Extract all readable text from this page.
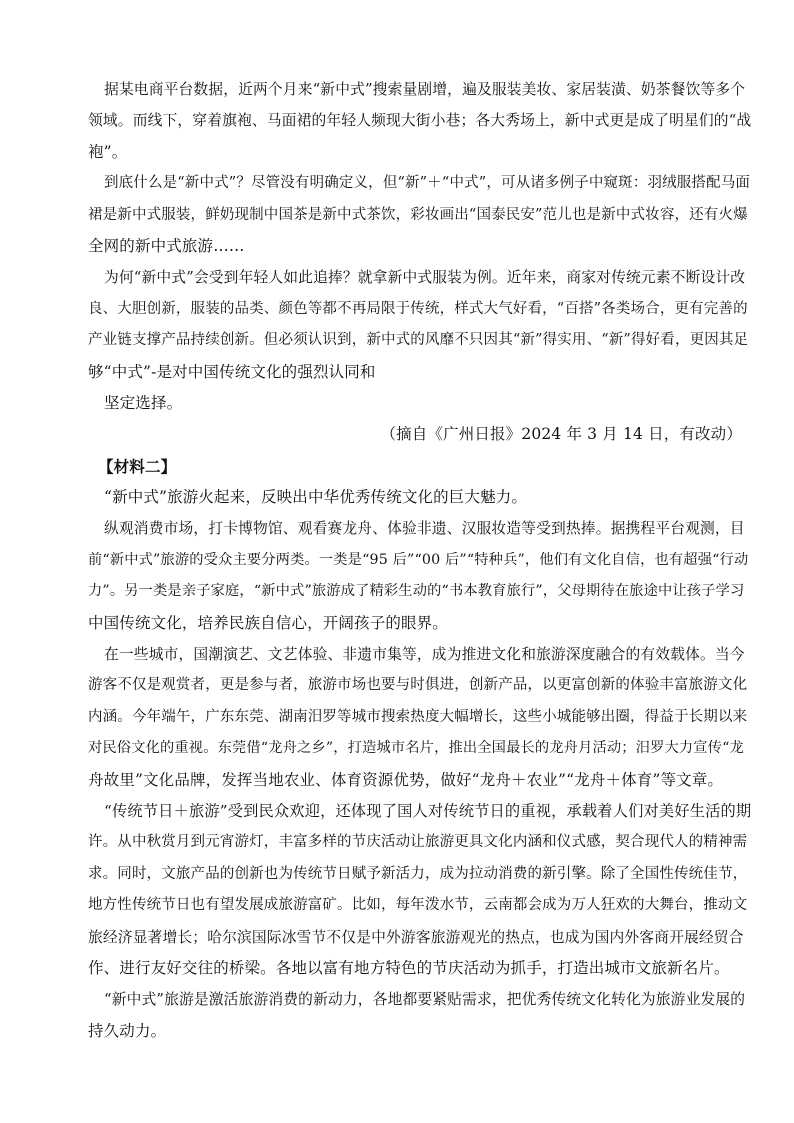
据某电商平台数据，近两个月来“新中式”搜索量剧增，遍及服装美妆、家居装潢、奶茶餐饮等多个
领域。而线下，穿着旗袍、马面裙的年轻人频现大街小巷；各大秀场上，新中式更是成了明星们的“战
袍”。
到底什么是“新中式”？尽管没有明确定义，但“新”＋“中式”，可从诸多例子中窥斑：羽绒服搭配马面
裙是新中式服装，鲜奶现制中国茶是新中式茶饮，彩妆画出“国泰民安”范儿也是新中式妆容，还有火爆
全网的新中式旅游……
为何“新中式”会受到年轻人如此追捧？就拿新中式服装为例。近年来，商家对传统元素不断设计改
良、大胆创新，服装的品类、颜色等都不再局限于传统，样式大气好看，“百搭”各类场合，更有完善的
产业链支撑产品持续创新。但必须认识到，新中式的风靡不只因其“新”得实用、“新”得好看，更因其足
够“中式”-是对中国传统文化的强烈认同和
坚定选择。
（摘自《广州日报》2024 年 3 月 14 日，有改动）
【材料二】
“新中式”旅游火起来，反映出中华优秀传统文化的巨大魅力。
纵观消费市场，打卡博物馆、观看赛龙舟、体验非遗、汉服妆造等受到热捧。据携程平台观测，目
前“新中式”旅游的受众主要分两类。一类是“95 后”“00 后”“特种兵”，他们有文化自信，也有超强“行动
力”。另一类是亲子家庭，“新中式”旅游成了精彩生动的“书本教育旅行”，父母期待在旅途中让孩子学习
中国传统文化，培养民族自信心，开阔孩子的眼界。
在一些城市，国潮演艺、文艺体验、非遗市集等，成为推进文化和旅游深度融合的有效载体。当今
游客不仅是观赏者，更是参与者，旅游市场也要与时俱进，创新产品，以更富创新的体验丰富旅游文化
内涵。今年端午，广东东莞、湖南汨罗等城市搜索热度大幅增长，这些小城能够出圈，得益于长期以来
对民俗文化的重视。东莞借“龙舟之乡”，打造城市名片，推出全国最长的龙舟月活动；汨罗大力宣传“龙
舟故里”文化品牌，发挥当地农业、体育资源优势，做好“龙舟＋农业”“龙舟＋体育”等文章。
“传统节日＋旅游”受到民众欢迎，还体现了国人对传统节日的重视，承载着人们对美好生活的期
许。从中秋赏月到元宵游灯，丰富多样的节庆活动让旅游更具文化内涵和仪式感，契合现代人的精神需
求。同时，文旅产品的创新也为传统节日赋予新活力，成为拉动消费的新引擎。除了全国性传统佳节，
地方性传统节日也有望发展成旅游富矿。比如，每年泼水节，云南都会成为万人狂欢的大舞台，推动文
旅经济显著增长；哈尔滨国际冰雪节不仅是中外游客旅游观光的热点，也成为国内外客商开展经贸合
作、进行友好交往的桥梁。各地以富有地方特色的节庆活动为抓手，打造出城市文旅新名片。
“新中式”旅游是激活旅游消费的新动力，各地都要紧贴需求，把优秀传统文化转化为旅游业发展的
持久动力。
